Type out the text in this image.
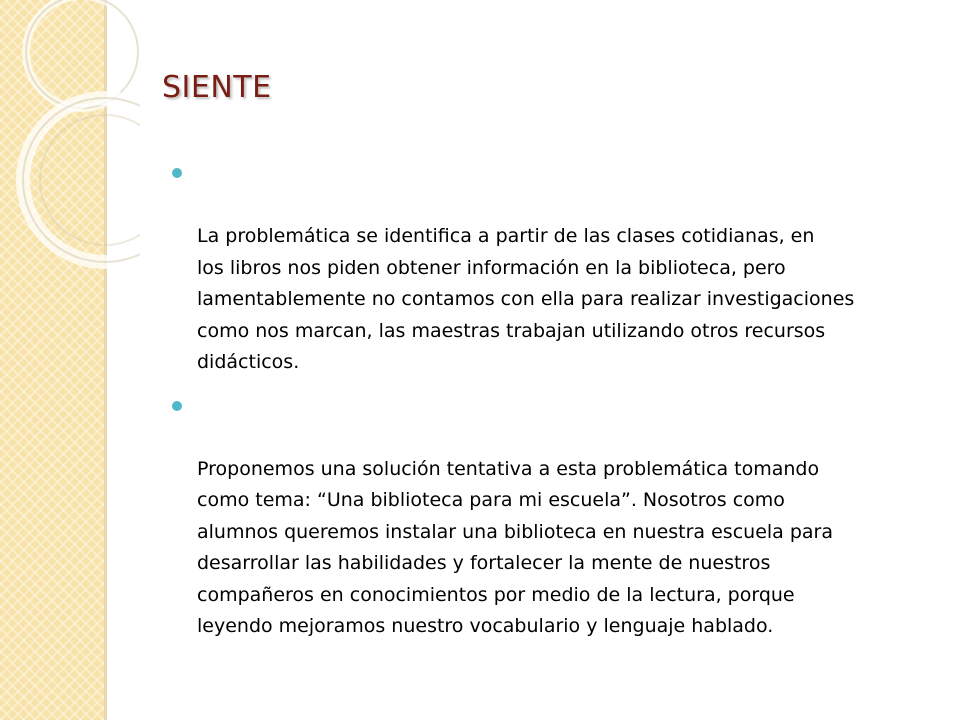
SIENTE

La problemática se identifica a partir de las clases cotidianas, en
los libros nos piden obtener información en la biblioteca, pero
lamentablemente no contamos con ella para realizar investigaciones
como nos marcan, las maestras trabajan utilizando otros recursos
didácticos.

Proponemos una solución tentativa a esta problemática tomando
como tema: “Una biblioteca para mi escuela”. Nosotros como
alumnos queremos instalar una biblioteca en nuestra escuela para
desarrollar las habilidades y fortalecer la mente de nuestros
compañeros en conocimientos por medio de la lectura, porque
leyendo mejoramos nuestro vocabulario y lenguaje hablado.
